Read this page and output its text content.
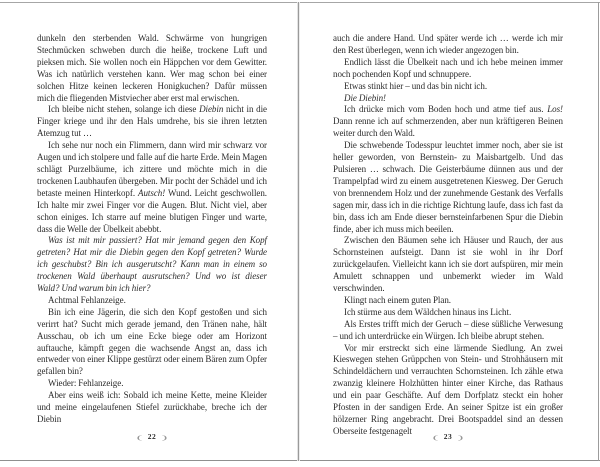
dunkeln den sterbenden Wald. Schwärme von hungrigen Stechmücken schweben durch die heiße, trockene Luft und pieksen mich. Sie wollen noch ein Häppchen vor dem Gewitter. Was ich natürlich verstehen kann. Wer mag schon bei einer solchen Hitze keinen leckeren Honigkuchen? Dafür müssen mich die fliegenden Mistviecher aber erst mal erwischen.

Ich bleibe nicht stehen, solange ich diese Diebin nicht in die Finger kriege und ihr den Hals umdrehe, bis sie ihren letzten Atemzug tut …

Ich sehe nur noch ein Flimmern, dann wird mir schwarz vor Augen und ich stolpere und falle auf die harte Erde. Mein Magen schlägt Purzelbäume, ich zittere und möchte mich in die trockenen Laubhaufen übergeben. Mir pocht der Schädel und ich betaste meinen Hinterkopf. Autsch! Wund. Leicht geschwollen. Ich halte mir zwei Finger vor die Augen. Blut. Nicht viel, aber schon einiges. Ich starre auf meine blutigen Finger und warte, dass die Welle der Übelkeit abebbt.

Was ist mit mir passiert? Hat mir jemand gegen den Kopf getreten? Hat mir die Diebin gegen den Kopf getreten? Wurde ich geschubst? Bin ich ausgerutscht? Kann man in einem so trockenen Wald überhaupt ausrutschen? Und wo ist dieser Wald? Und warum bin ich hier?

Achtmal Fehlanzeige.

Bin ich eine Jägerin, die sich den Kopf gestoßen und sich verirrt hat? Sucht mich gerade jemand, den Tränen nahe, hält Ausschau, ob ich um eine Ecke biege oder am Horizont auftauche, kämpft gegen die wachsende Angst an, dass ich entweder von einer Klippe gestürzt oder einem Bären zum Opfer gefallen bin?

Wieder: Fehlanzeige.

Aber eins weiß ich: Sobald ich meine Kette, meine Kleider und meine eingelaufenen Stiefel zurückhabe, breche ich der Diebin

( 22 )

auch die andere Hand. Und später werde ich … werde ich mir den Rest überlegen, wenn ich wieder angezogen bin.

Endlich lässt die Übelkeit nach und ich hebe meinen immer noch pochenden Kopf und schnuppere.

Etwas stinkt hier – und das bin nicht ich.

Die Diebin!

Ich drücke mich vom Boden hoch und atme tief aus. Los! Dann renne ich auf schmerzenden, aber nun kräftigeren Beinen weiter durch den Wald.

Die schwebende Todesspur leuchtet immer noch, aber sie ist heller geworden, von Bernstein- zu Maisbartgelb. Und das Pulsieren … schwach. Die Geisterbäume dünnen aus und der Trampelpfad wird zu einem ausgetretenen Kiesweg. Der Geruch von brennendem Holz und der zunehmende Gestank des Verfalls sagen mir, dass ich in die richtige Richtung laufe, dass ich fast da bin, dass ich am Ende dieser bernsteinfarbenen Spur die Diebin finde, aber ich muss mich beeilen.

Zwischen den Bäumen sehe ich Häuser und Rauch, der aus Schornsteinen aufsteigt. Dann ist sie wohl in ihr Dorf zurückgelaufen. Vielleicht kann ich sie dort aufspüren, mir mein Amulett schnappen und unbemerkt wieder im Wald verschwinden.

Klingt nach einem guten Plan.

Ich stürme aus dem Wäldchen hinaus ins Licht.

Als Erstes trifft mich der Geruch – diese süßliche Verwesung – und ich unterdrücke ein Würgen. Ich bleibe abrupt stehen.

Vor mir erstreckt sich eine lärmende Siedlung. An zwei Kieswegen stehen Grüppchen von Stein- und Strohhäusern mit Schindeldächern und verrauchten Schornsteinen. Ich zähle etwa zwanzig kleinere Holzhütten hinter einer Kirche, das Rathaus und ein paar Geschäfte. Auf dem Dorfplatz steckt ein hoher Pfosten in der sandigen Erde. An seiner Spitze ist ein großer hölzerner Ring angebracht. Drei Bootspaddel sind an dessen Oberseite festgenagelt

( 23 )
